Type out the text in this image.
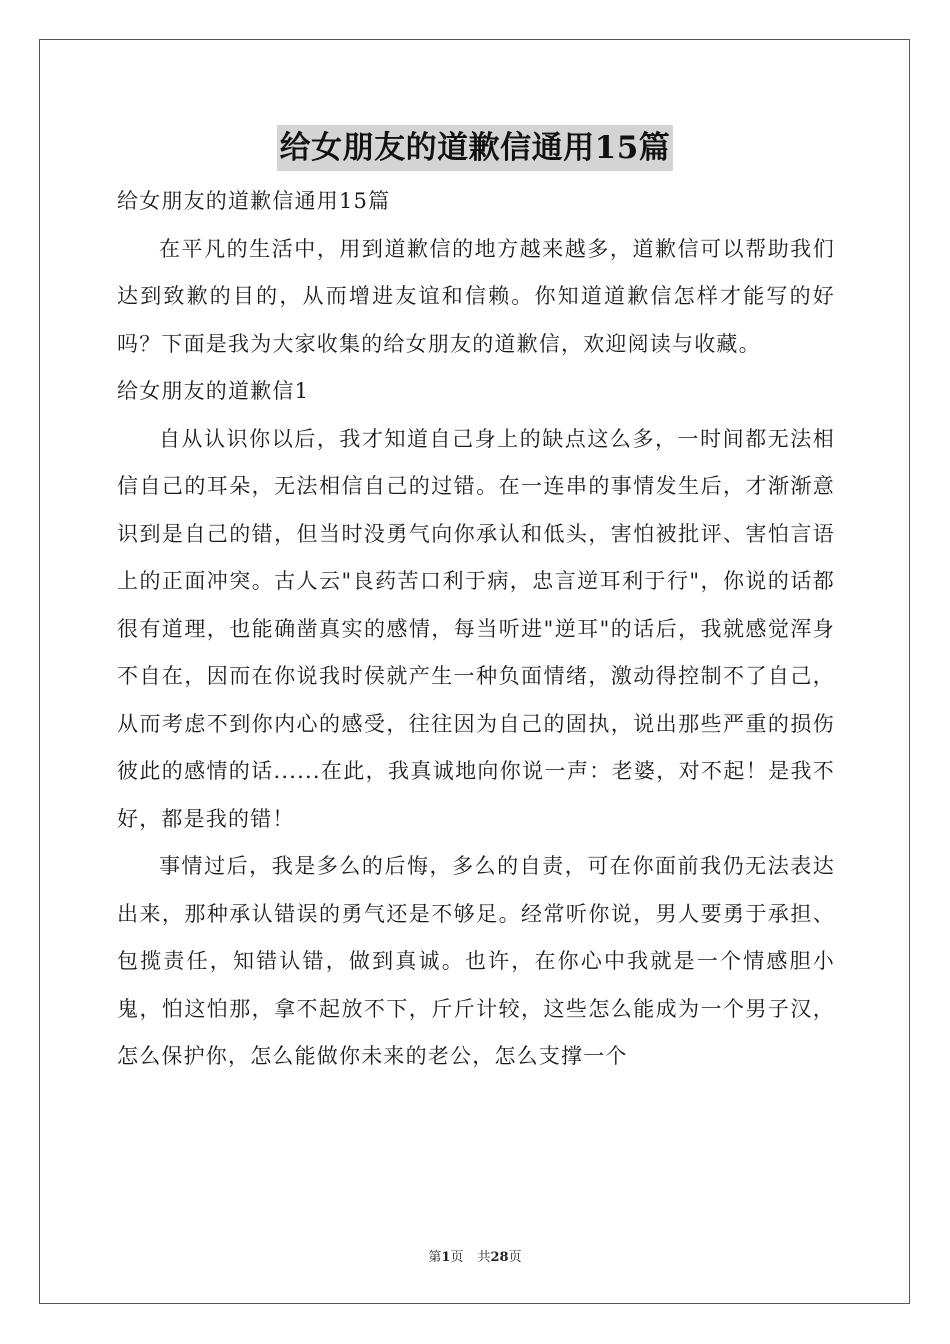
给女朋友的道歉信通用15篇

给女朋友的道歉信通用15篇

在平凡的生活中，用到道歉信的地方越来越多，道歉信可以帮助我们达到致歉的目的，从而增进友谊和信赖。你知道道歉信怎样才能写的好吗？下面是我为大家收集的给女朋友的道歉信，欢迎阅读与收藏。

给女朋友的道歉信1

自从认识你以后，我才知道自己身上的缺点这么多，一时间都无法相信自己的耳朵，无法相信自己的过错。在一连串的事情发生后，才渐渐意识到是自己的错，但当时没勇气向你承认和低头，害怕被批评、害怕言语上的正面冲突。古人云"良药苦口利于病，忠言逆耳利于行"，你说的话都很有道理，也能确凿真实的感情，每当听进"逆耳"的话后，我就感觉浑身不自在，因而在你说我时侯就产生一种负面情绪，激动得控制不了自己，从而考虑不到你内心的感受，往往因为自己的固执，说出那些严重的损伤彼此的感情的话......在此，我真诚地向你说一声：老婆，对不起！是我不好，都是我的错！

事情过后，我是多么的后悔，多么的自责，可在你面前我仍无法表达出来，那种承认错误的勇气还是不够足。经常听你说，男人要勇于承担、包揽责任，知错认错，做到真诚。也许，在你心中我就是一个情感胆小鬼，怕这怕那，拿不起放不下，斤斤计较，这些怎么能成为一个男子汉，怎么保护你，怎么能做你未来的老公，怎么支撑一个

第1页 共28页
